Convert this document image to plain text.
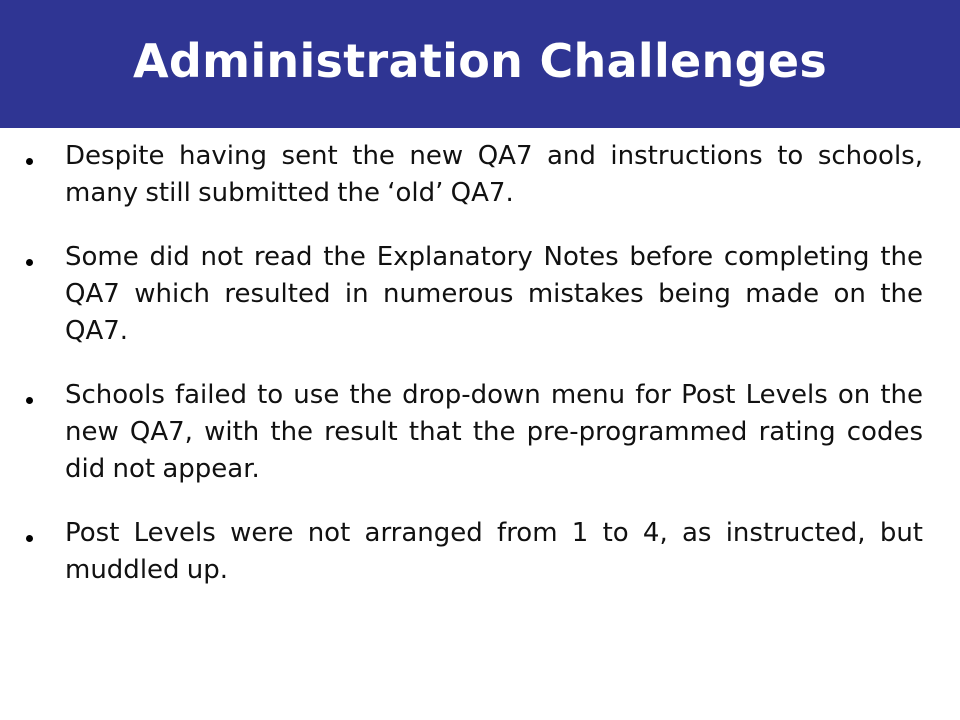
Administration Challenges
Despite having sent the new QA7 and instructions to schools, many still submitted the ‘old’ QA7.
Some did not read the Explanatory Notes before completing the QA7 which resulted in numerous mistakes being made on the QA7.
Schools failed to use the drop-down menu for Post Levels on the new QA7, with the result that the pre-programmed rating codes did not appear.
Post Levels were not arranged from 1 to 4, as instructed, but muddled up.
